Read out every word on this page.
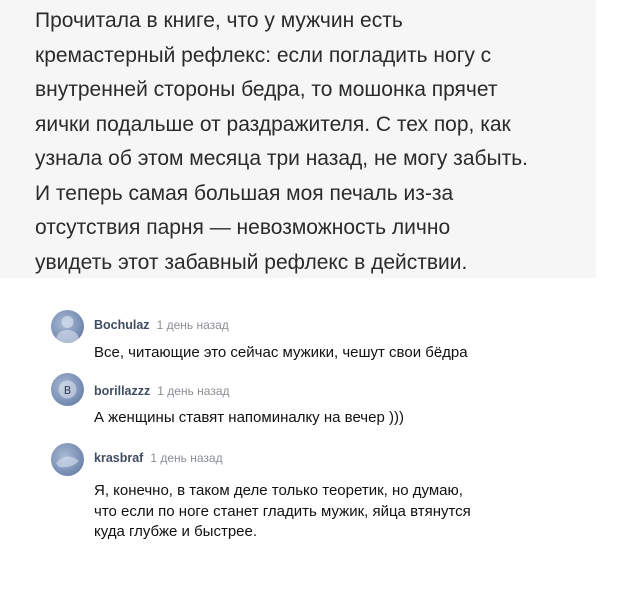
Прочитала в книге, что у мужчин есть
кремастерный рефлекс: если погладить ногу с
внутренней стороны бедра, то мошонка прячет
яички подальше от раздражителя. С тех пор, как
узнала об этом месяца три назад, не могу забыть.
И теперь самая большая моя печаль из-за
отсутствия парня — невозможность лично
увидеть этот забавный рефлекс в действии.

Bochulaz 1 день назад
Все, читающие это сейчас мужики, чешут свои бёдра
B borillazzz 1 день назад
А женщины ставят напоминалку на вечер )))
krasbraf 1 день назад
Я, конечно, в таком деле только теоретик, но думаю,
что если по ноге станет гладить мужик, яйца втянутся
куда глубже и быстрее.
